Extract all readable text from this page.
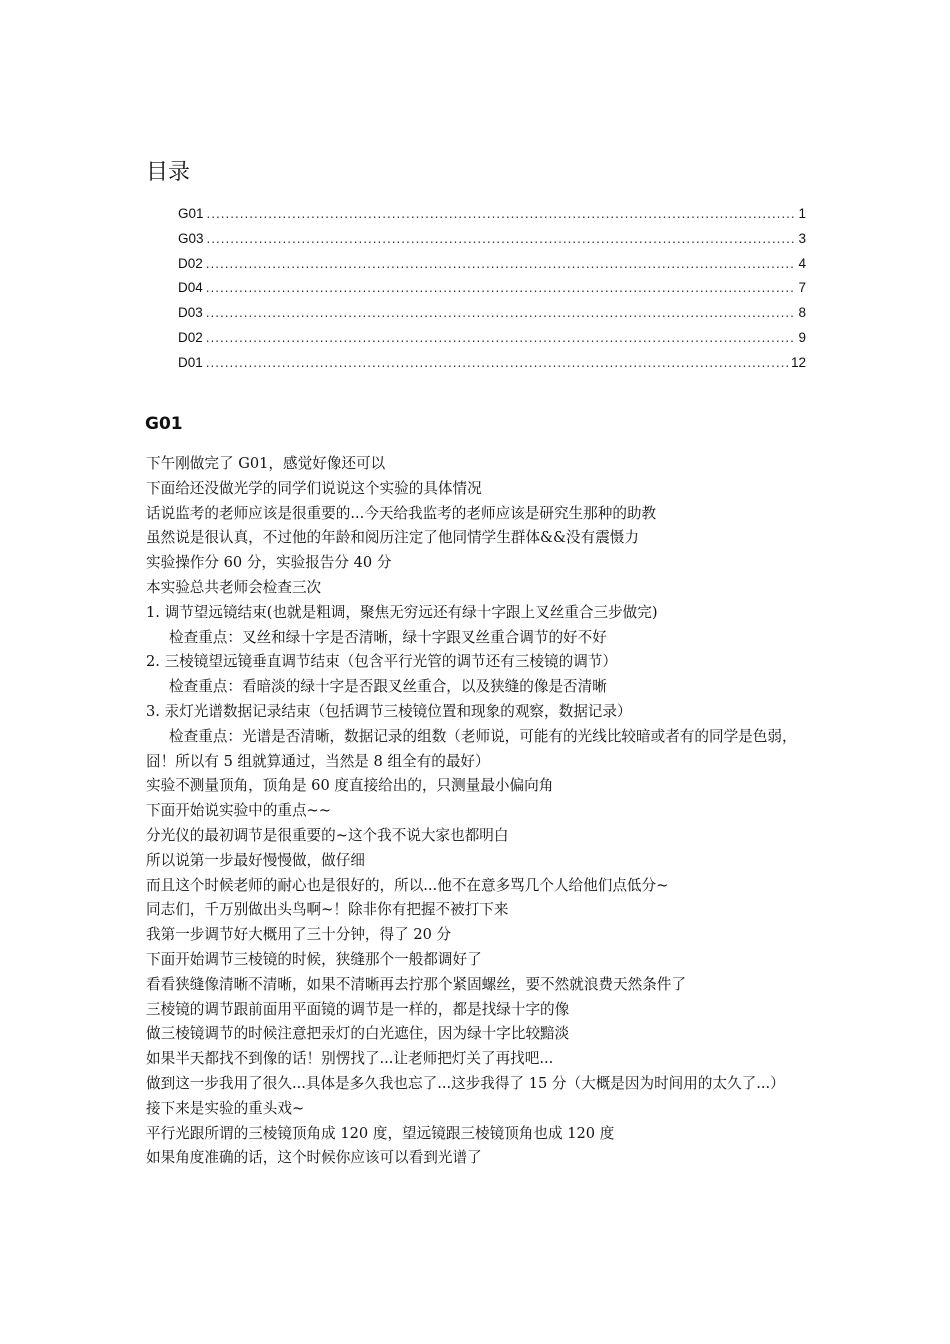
目录
G01 .....	1
G03 .....	3
D02 .....	4
D04 .....	7
D03 .....	8
D02 .....	9
D01 .....	12
G01
下午刚做完了 G01，感觉好像还可以
下面给还没做光学的同学们说说这个实验的具体情况
话说监考的老师应该是很重要的...今天给我监考的老师应该是研究生那种的助教
虽然说是很认真，不过他的年龄和阅历注定了他同情学生群体&&没有震慑力
实验操作分 60 分，实验报告分 40 分
本实验总共老师会检查三次
1. 调节望远镜结束(也就是粗调，聚焦无穷远还有绿十字跟上叉丝重合三步做完)
检查重点：叉丝和绿十字是否清晰，绿十字跟叉丝重合调节的好不好
2. 三棱镜望远镜垂直调节结束（包含平行光管的调节还有三棱镜的调节）
检查重点：看暗淡的绿十字是否跟叉丝重合，以及狭缝的像是否清晰
3. 汞灯光谱数据记录结束（包括调节三棱镜位置和现象的观察，数据记录）
检查重点：光谱是否清晰，数据记录的组数（老师说，可能有的光线比较暗或者有的同学是色弱，囧！所以有 5 组就算通过，当然是 8 组全有的最好）
实验不测量顶角，顶角是 60 度直接给出的，只测量最小偏向角
下面开始说实验中的重点~~
分光仪的最初调节是很重要的~这个我不说大家也都明白
所以说第一步最好慢慢做，做仔细
而且这个时候老师的耐心也是很好的，所以...他不在意多骂几个人给他们点低分~
同志们，千万别做出头鸟啊~！除非你有把握不被打下来
我第一步调节好大概用了三十分钟，得了 20 分
下面开始调节三棱镜的时候，狭缝那个一般都调好了
看看狭缝像清晰不清晰，如果不清晰再去拧那个紧固螺丝，要不然就浪费天然条件了
三棱镜的调节跟前面用平面镜的调节是一样的，都是找绿十字的像
做三棱镜调节的时候注意把汞灯的白光遮住，因为绿十字比较黯淡
如果半天都找不到像的话！别愣找了...让老师把灯关了再找吧...
做到这一步我用了很久...具体是多久我也忘了...这步我得了 15 分（大概是因为时间用的太久了...）
接下来是实验的重头戏~
平行光跟所谓的三棱镜顶角成 120 度，望远镜跟三棱镜顶角也成 120 度
如果角度准确的话，这个时候你应该可以看到光谱了
